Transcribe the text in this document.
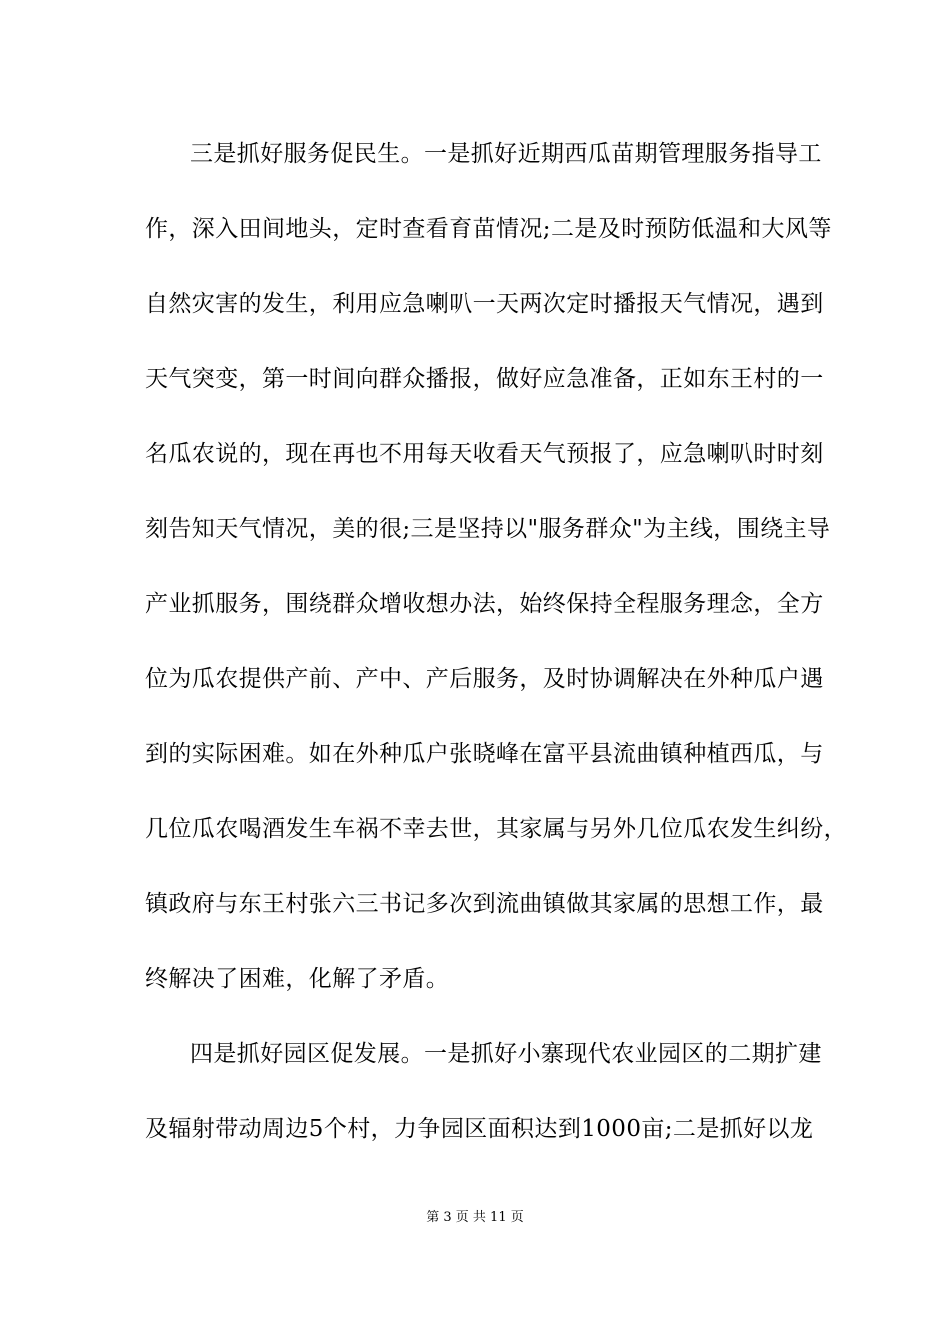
三是抓好服务促民生。一是抓好近期西瓜苗期管理服务指导工
作，深入田间地头，定时查看育苗情况;二是及时预防低温和大风等
自然灾害的发生，利用应急喇叭一天两次定时播报天气情况，遇到
天气突变，第一时间向群众播报，做好应急准备，正如东王村的一
名瓜农说的，现在再也不用每天收看天气预报了，应急喇叭时时刻
刻告知天气情况，美的很;三是坚持以"服务群众"为主线，围绕主导
产业抓服务，围绕群众增收想办法，始终保持全程服务理念，全方
位为瓜农提供产前、产中、产后服务，及时协调解决在外种瓜户遇
到的实际困难。如在外种瓜户张晓峰在富平县流曲镇种植西瓜，与
几位瓜农喝酒发生车祸不幸去世，其家属与另外几位瓜农发生纠纷，
镇政府与东王村张六三书记多次到流曲镇做其家属的思想工作，最
终解决了困难，化解了矛盾。
四是抓好园区促发展。一是抓好小寨现代农业园区的二期扩建
及辐射带动周边5个村，力争园区面积达到1000亩;二是抓好以龙
第 3 页 共 11 页
